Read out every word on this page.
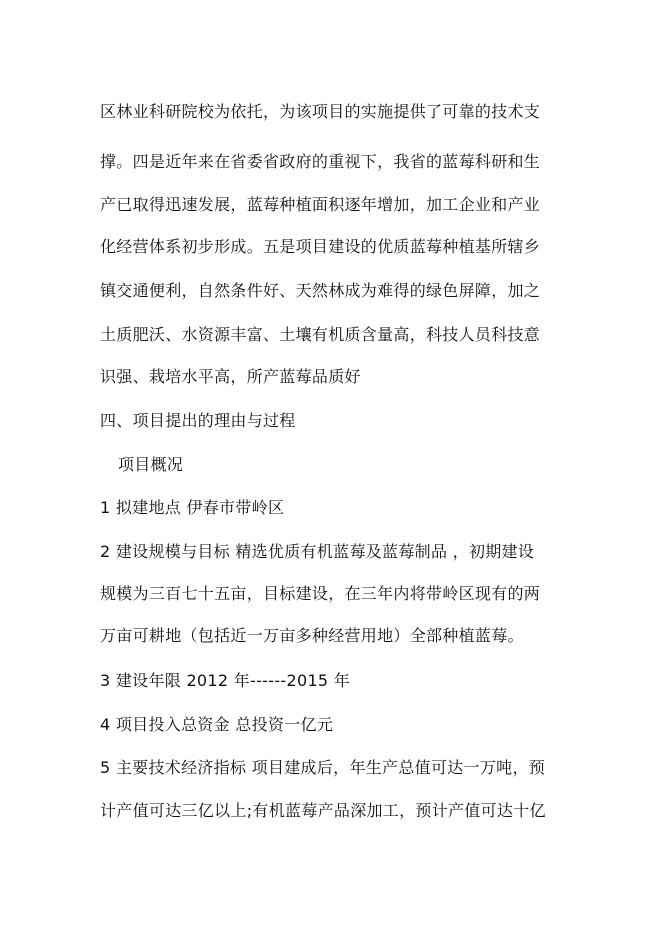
区林业科研院校为依托，为该项目的实施提供了可靠的技术支
撑。四是近年来在省委省政府的重视下，我省的蓝莓科研和生
产已取得迅速发展，蓝莓种植面积逐年增加，加工企业和产业
化经营体系初步形成。五是项目建设的优质蓝莓种植基所辖乡
镇交通便利，自然条件好、天然林成为难得的绿色屏障，加之
土质肥沃、水资源丰富、土壤有机质含量高，科技人员科技意
识强、栽培水平高，所产蓝莓品质好
四、项目提出的理由与过程
项目概况
1 拟建地点 伊春市带岭区
2 建设规模与目标 精选优质有机蓝莓及蓝莓制品 ，初期建设
规模为三百七十五亩，目标建设，在三年内将带岭区现有的两
万亩可耕地（包括近一万亩多种经营用地）全部种植蓝莓。
3 建设年限 2012 年------2015 年
4 项目投入总资金 总投资一亿元
5 主要技术经济指标 项目建成后，年生产总值可达一万吨，预
计产值可达三亿以上;有机蓝莓产品深加工，预计产值可达十亿
